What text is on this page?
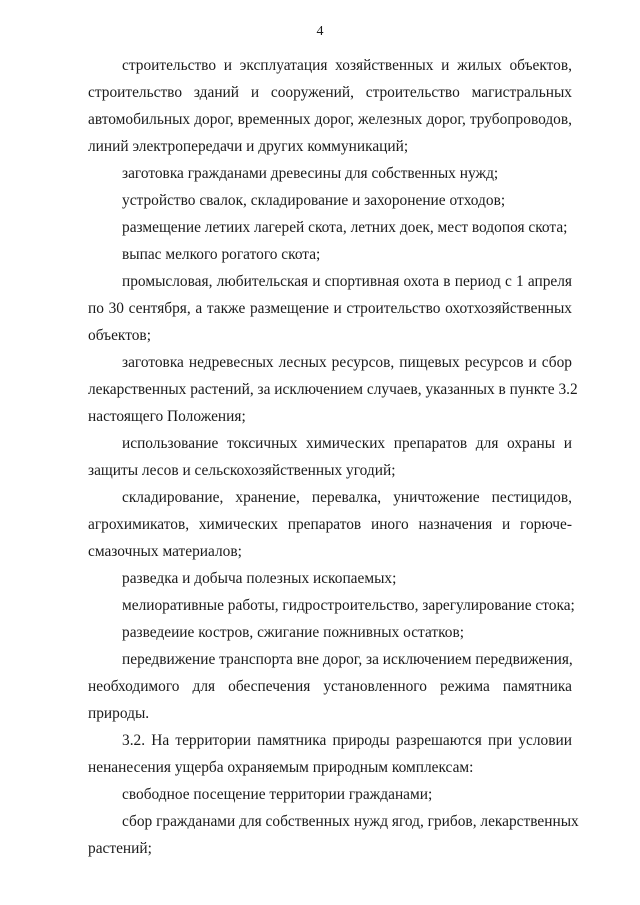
4
строительство и эксплуатация хозяйственных и жилых объектов,
строительство зданий и сооружений, строительство магистральных
автомобильных дорог, временных дорог, железных дорог, трубопроводов,
линий электропередачи и других коммуникаций;
заготовка гражданами древесины для собственных нужд;
устройство свалок, складирование и захоронение отходов;
размещение летиих лагерей скота, летних доек, мест водопоя скота;
выпас мелкого рогатого скота;
промысловая, любительская и спортивная охота в период с 1 апреля
по 30 сентября, а также размещение и строительство охотхозяйственных
объектов;
заготовка недревесных лесных ресурсов, пищевых ресурсов и сбор
лекарственных растений, за исключением случаев, указанных в пункте 3.2
настоящего Положения;
использование токсичных химических препаратов для охраны и
защиты лесов и сельскохозяйственных угодий;
складирование, хранение, перевалка, уничтожение пестицидов,
агрохимикатов, химических препаратов иного назначения и горюче-
смазочных материалов;
разведка и добыча полезных ископаемых;
мелиоративные работы, гидростроительство, зарегулирование стока;
разведеиие костров, сжигание пожнивных остатков;
передвижение транспорта вне дорог, за исключением передвижения,
необходимого для обеспечения установленного режима памятника
природы.
3.2. На территории памятника природы разрешаются при условии
ненанесения ущерба охраняемым природным комплексам:
свободное посещение территории гражданами;
сбор гражданами для собственных нужд ягод, грибов, лекарственных
растений;
